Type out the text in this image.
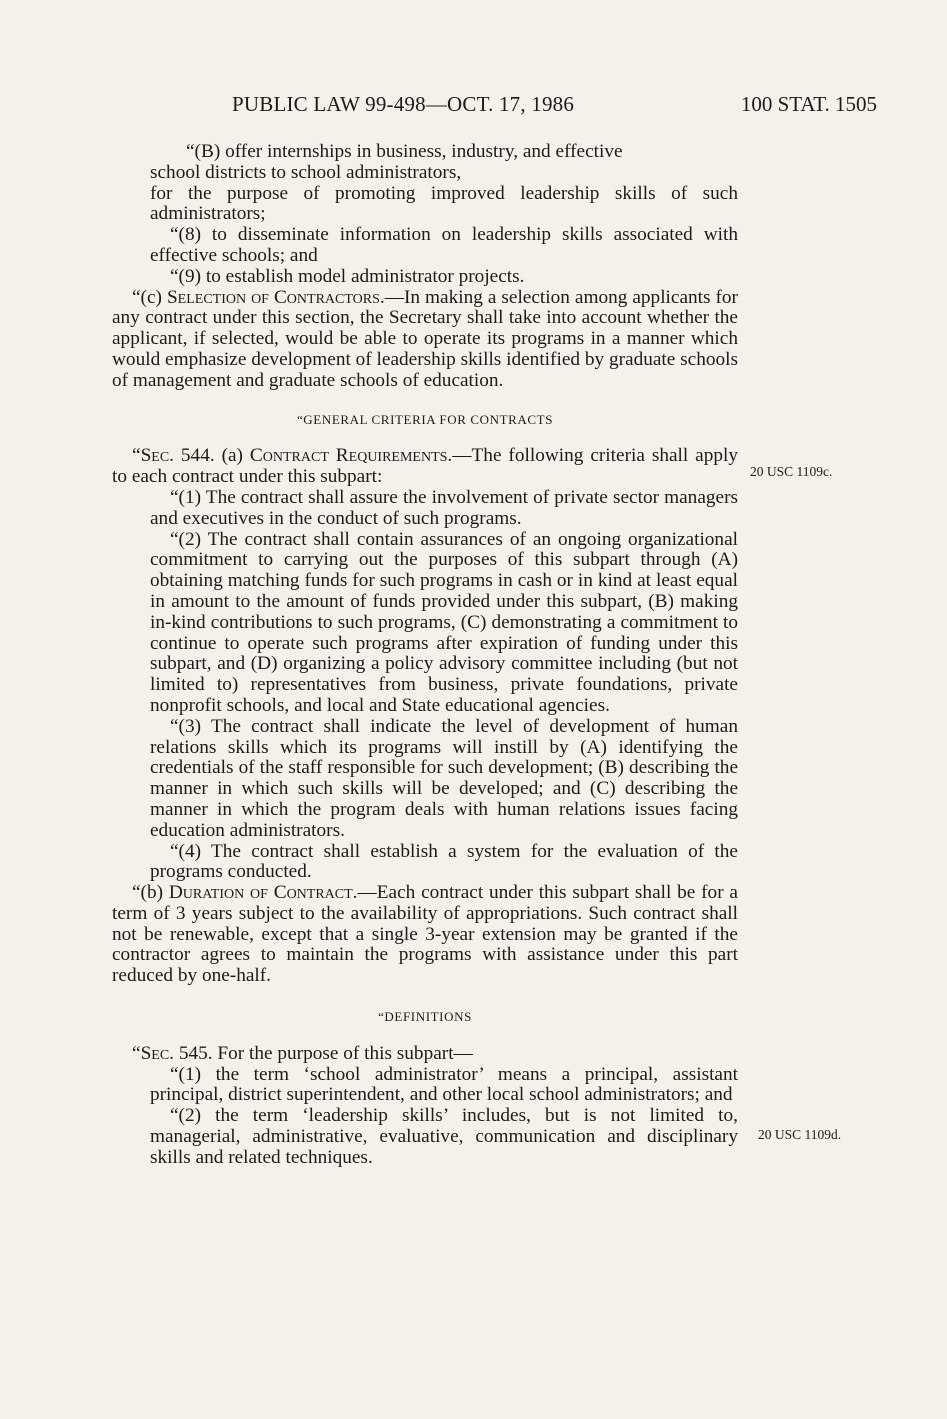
PUBLIC LAW 99-498—OCT. 17, 1986	100 STAT. 1505

“(B) offer internships in business, industry, and effective

school districts to school administrators,

for the purpose of promoting improved leadership skills of such administrators;

“(8) to disseminate information on leadership skills associated with effective schools; and

“(9) to establish model administrator projects.

“(c) Selection of Contractors.—In making a selection among applicants for any contract under this section, the Secretary shall take into account whether the applicant, if selected, would be able to operate its programs in a manner which would emphasize development of leadership skills identified by graduate schools of management and graduate schools of education.

“GENERAL CRITERIA FOR CONTRACTS

“Sec. 544. (a) Contract Requirements.—The following criteria shall apply to each contract under this subpart:

“(1) The contract shall assure the involvement of private sector managers and executives in the conduct of such programs.

“(2) The contract shall contain assurances of an ongoing organizational commitment to carrying out the purposes of this subpart through (A) obtaining matching funds for such programs in cash or in kind at least equal in amount to the amount of funds provided under this subpart, (B) making in-kind contributions to such programs, (C) demonstrating a commitment to continue to operate such programs after expiration of funding under this subpart, and (D) organizing a policy advisory committee including (but not limited to) representatives from business, private foundations, private nonprofit schools, and local and State educational agencies.

“(3) The contract shall indicate the level of development of human relations skills which its programs will instill by (A) identifying the credentials of the staff responsible for such development; (B) describing the manner in which such skills will be developed; and (C) describing the manner in which the program deals with human relations issues facing education administrators.

“(4) The contract shall establish a system for the evaluation of the programs conducted.

“(b) Duration of Contract.—Each contract under this subpart shall be for a term of 3 years subject to the availability of appropriations. Such contract shall not be renewable, except that a single 3-year extension may be granted if the contractor agrees to maintain the programs with assistance under this part reduced by one-half.

“DEFINITIONS

“Sec. 545. For the purpose of this subpart—

“(1) the term ‘school administrator’ means a principal, assistant principal, district superintendent, and other local school administrators; and

“(2) the term ‘leadership skills’ includes, but is not limited to, managerial, administrative, evaluative, communication and disciplinary skills and related techniques.

20 USC 1109c.
20 USC 1109d.
